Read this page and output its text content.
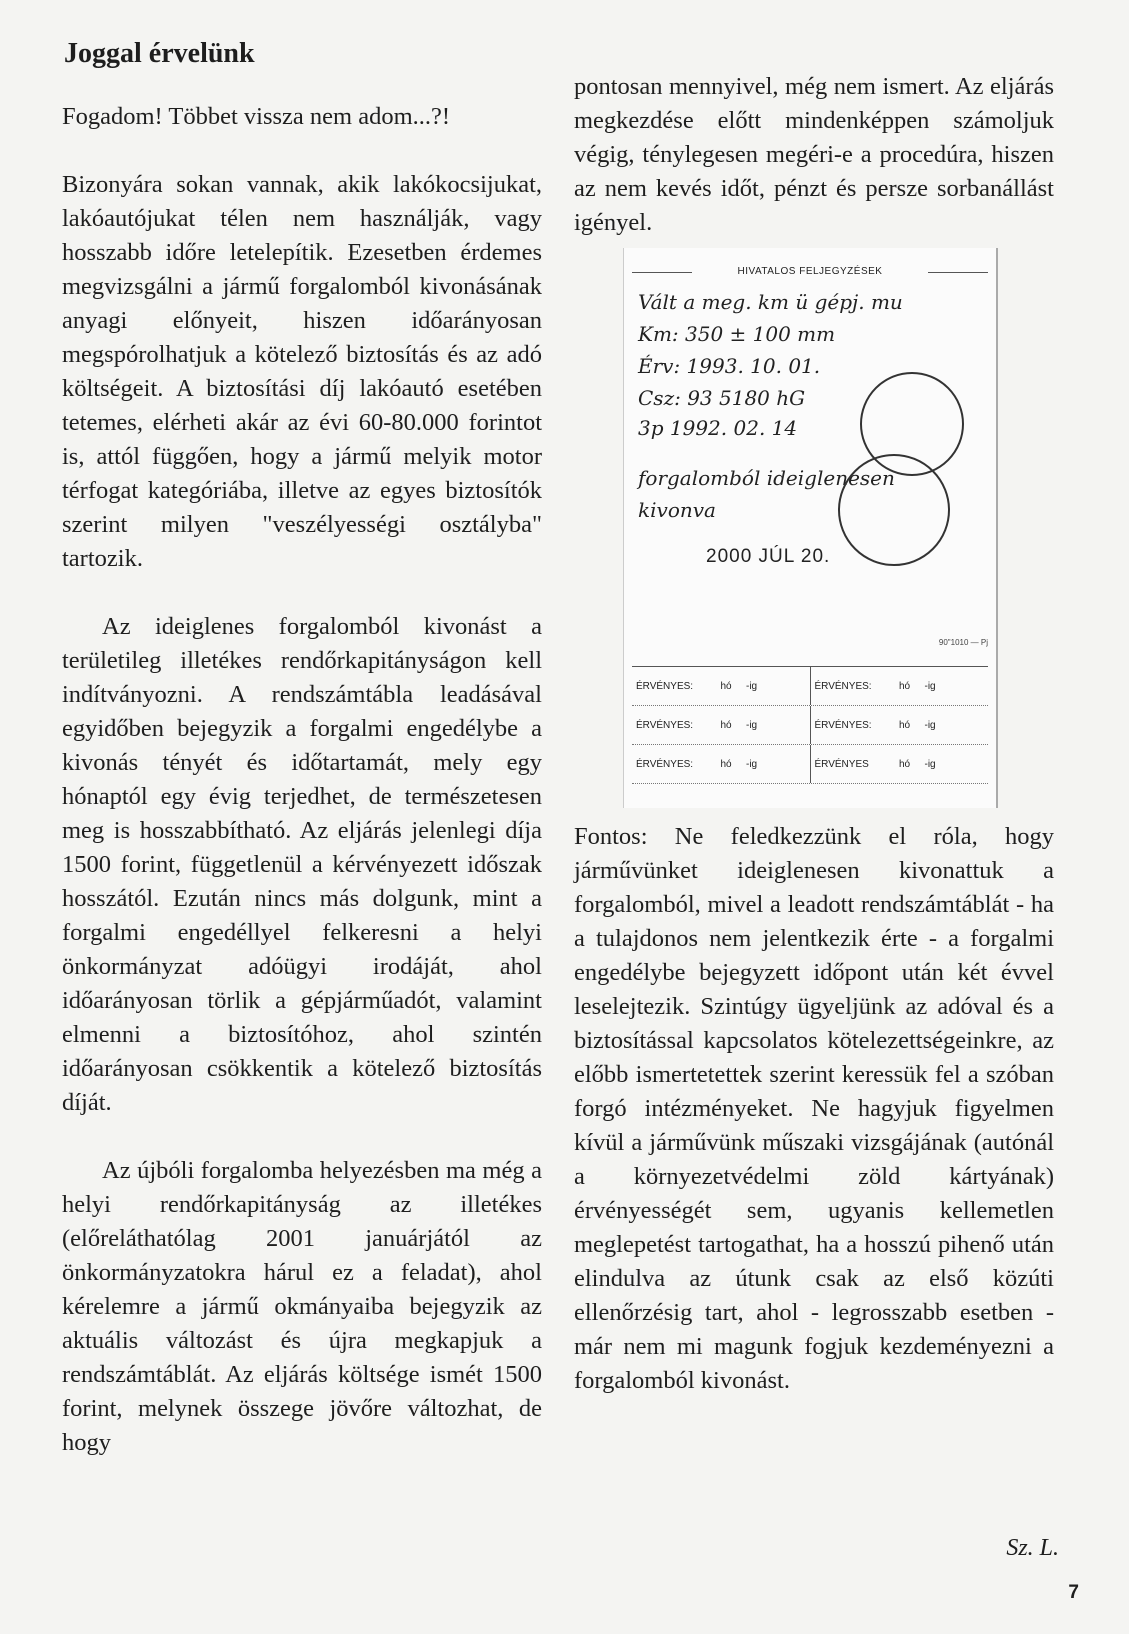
Joggal érvelünk

Fogadom! Többet vissza nem adom...?!

Bizonyára sokan vannak, akik lakókocsijukat, lakóautójukat télen nem használják, vagy hosszabb időre letelepítik. Ezesetben érdemes megvizsgálni a jármű forgalomból kivonásának anyagi előnyeit, hiszen időarányosan megspórolhatjuk a kötelező biztosítás és az adó költségeit. A biztosítási díj lakóautó esetében tetemes, elérheti akár az évi 60-80.000 forintot is, attól függően, hogy a jármű melyik motor térfogat kategóriába, illetve az egyes biztosítók szerint milyen "veszélyességi osztályba" tartozik.

Az ideiglenes forgalomból kivonást a területileg illetékes rendőrkapitányságon kell indítványozni. A rendszámtábla leadásával egyidőben bejegyzik a forgalmi engedélybe a kivonás tényét és időtartamát, mely egy hónaptól egy évig terjedhet, de természetesen meg is hosszabbítható. Az eljárás jelenlegi díja 1500 forint, függetlenül a kérvényezett időszak hosszától. Ezután nincs más dolgunk, mint a forgalmi engedéllyel felkeresni a helyi önkormányzat adóügyi irodáját, ahol időarányosan törlik a gépjárműadót, valamint elmenni a biztosítóhoz, ahol szintén időarányosan csökkentik a kötelező biztosítás díját.

Az újbóli forgalomba helyezésben ma még a helyi rendőrkapitányság az illetékes (előreláthatólag 2001 januárjától az önkormányzatokra hárul ez a feladat), ahol kérelemre a jármű okmányaiba bejegyzik az aktuális változást és újra megkapjuk a rendszámtáblát. Az eljárás költsége ismét 1500 forint, melynek összege jövőre változhat, de hogy

pontosan mennyivel, még nem ismert. Az eljárás megkezdése előtt mindenképpen számoljuk végig, ténylegesen megéri-e a procedúra, hiszen az nem kevés időt, pénzt és persze sorbanállást igényel.

HIVATALOS FELJEGYZÉSEK
Vált a meg. km ü gépj. mu
Km: 350 ± 100 mm
Érv: 1993. 10. 01.
Csz: 93 5180 hG
3p 1992. 02. 14
forgalomból ideiglenesen
kivonva
2000 JÚL 20.
90"1010 — Pj
ÉRVÉNYES:	hó	-ig	ÉRVÉNYES:	hó	-ig
ÉRVÉNYES:	hó	-ig	ÉRVÉNYES:	hó	-ig
ÉRVÉNYES:	hó	-ig	ÉRVÉNYES	hó	-ig

Fontos: Ne feledkezzünk el róla, hogy járművünket ideiglenesen kivonattuk a forgalomból, mivel a leadott rendszámtáblát - ha a tulajdonos nem jelentkezik érte - a forgalmi engedélybe bejegyzett időpont után két évvel leselejtezik. Szintúgy ügyeljünk az adóval és a biztosítással kapcsolatos kötelezettségeinkre, az előbb ismertetettek szerint keressük fel a szóban forgó intézményeket. Ne hagyjuk figyelmen kívül a járművünk műszaki vizsgájának (autónál a környezetvédelmi zöld kártyának) érvényességét sem, ugyanis kellemetlen meglepetést tartogathat, ha a hosszú pihenő után elindulva az útunk csak az első közúti ellenőrzésig tart, ahol - legrosszabb esetben - már nem mi magunk fogjuk kezdeményezni a forgalomból kivonást.

Sz. L.
7
